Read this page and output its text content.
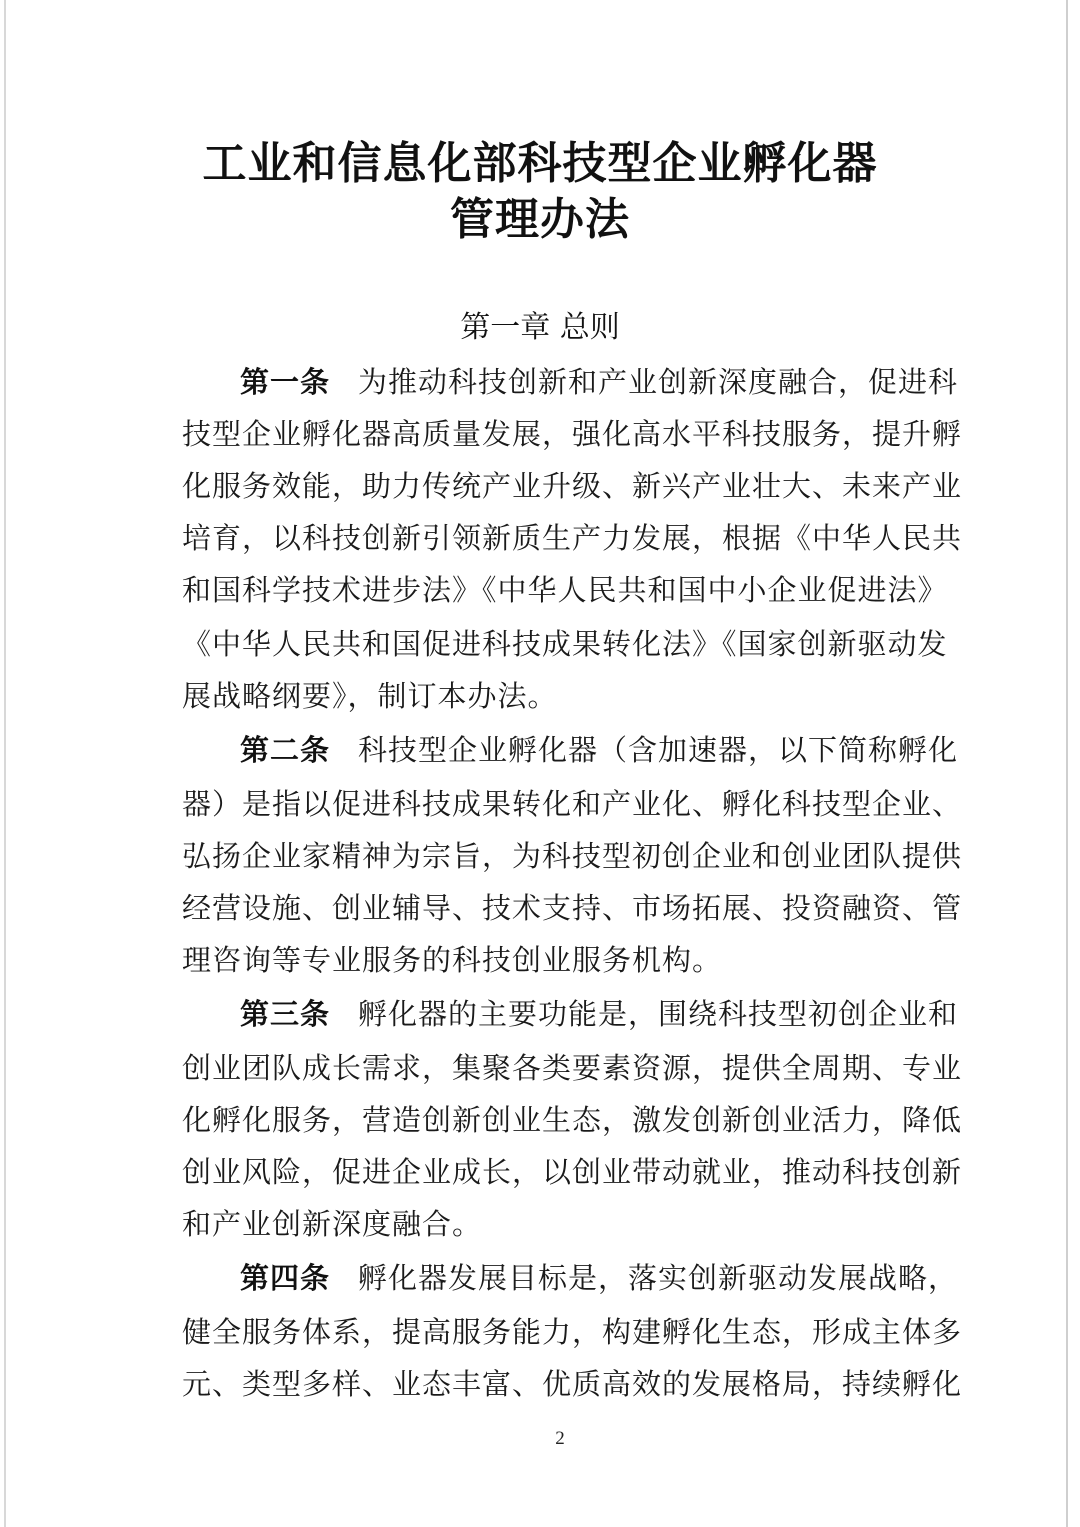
工业和信息化部科技型企业孵化器
管理办法
第一章 总则
第一条 为推动科技创新和产业创新深度融合，促进科
技型企业孵化器高质量发展，强化高水平科技服务，提升孵
化服务效能，助力传统产业升级、新兴产业壮大、未来产业
培育，以科技创新引领新质生产力发展，根据《中华人民共
和国科学技术进步法》《中华人民共和国中小企业促进法》
《中华人民共和国促进科技成果转化法》《国家创新驱动发
展战略纲要》，制订本办法。
第二条 科技型企业孵化器（含加速器，以下简称孵化
器）是指以促进科技成果转化和产业化、孵化科技型企业、
弘扬企业家精神为宗旨，为科技型初创企业和创业团队提供
经营设施、创业辅导、技术支持、市场拓展、投资融资、管
理咨询等专业服务的科技创业服务机构。
第三条 孵化器的主要功能是，围绕科技型初创企业和
创业团队成长需求，集聚各类要素资源，提供全周期、专业
化孵化服务，营造创新创业生态，激发创新创业活力，降低
创业风险，促进企业成长，以创业带动就业，推动科技创新
和产业创新深度融合。
第四条 孵化器发展目标是，落实创新驱动发展战略，
健全服务体系，提高服务能力，构建孵化生态，形成主体多
元、类型多样、业态丰富、优质高效的发展格局，持续孵化
2
